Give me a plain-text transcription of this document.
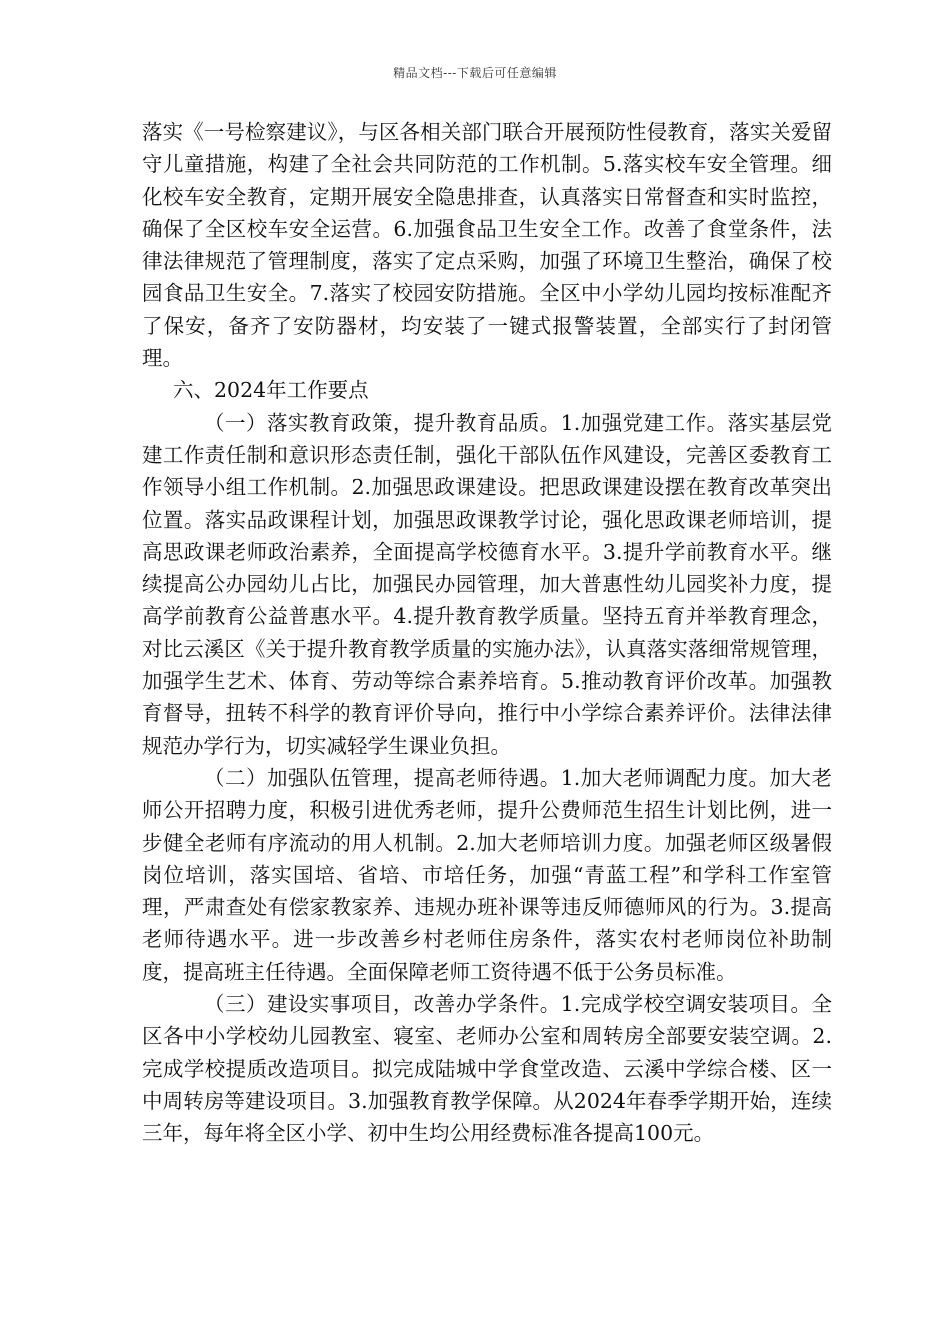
精品文档---下载后可任意编辑

落实《一号检察建议》，与区各相关部门联合开展预防性侵教育，落实关爱留守儿童措施，构建了全社会共同防范的工作机制。5.落实校车安全管理。细化校车安全教育，定期开展安全隐患排查，认真落实日常督查和实时监控，确保了全区校车安全运营。6.加强食品卫生安全工作。改善了食堂条件，法律法律规范了管理制度，落实了定点采购，加强了环境卫生整治，确保了校园食品卫生安全。7.落实了校园安防措施。全区中小学幼儿园均按标准配齐了保安，备齐了安防器材，均安装了一键式报警装置，全部实行了封闭管理。

六、2024年工作要点

（一）落实教育政策，提升教育品质。1.加强党建工作。落实基层党建工作责任制和意识形态责任制，强化干部队伍作风建设，完善区委教育工作领导小组工作机制。2.加强思政课建设。把思政课建设摆在教育改革突出位置。落实品政课程计划，加强思政课教学讨论，强化思政课老师培训，提高思政课老师政治素养，全面提高学校德育水平。3.提升学前教育水平。继续提高公办园幼儿占比，加强民办园管理，加大普惠性幼儿园奖补力度，提高学前教育公益普惠水平。4.提升教育教学质量。坚持五育并举教育理念，对比云溪区《关于提升教育教学质量的实施办法》，认真落实落细常规管理，加强学生艺术、体育、劳动等综合素养培育。5.推动教育评价改革。加强教育督导，扭转不科学的教育评价导向，推行中小学综合素养评价。法律法律规范办学行为，切实减轻学生课业负担。

（二）加强队伍管理，提高老师待遇。1.加大老师调配力度。加大老师公开招聘力度，积极引进优秀老师，提升公费师范生招生计划比例，进一步健全老师有序流动的用人机制。2.加大老师培训力度。加强老师区级暑假岗位培训，落实国培、省培、市培任务，加强“青蓝工程”和学科工作室管理，严肃查处有偿家教家养、违规办班补课等违反师德师风的行为。3.提高老师待遇水平。进一步改善乡村老师住房条件，落实农村老师岗位补助制度，提高班主任待遇。全面保障老师工资待遇不低于公务员标准。

（三）建设实事项目，改善办学条件。1.完成学校空调安装项目。全区各中小学校幼儿园教室、寝室、老师办公室和周转房全部要安装空调。2.完成学校提质改造项目。拟完成陆城中学食堂改造、云溪中学综合楼、区一中周转房等建设项目。3.加强教育教学保障。从2024年春季学期开始，连续三年，每年将全区小学、初中生均公用经费标准各提高100元。
